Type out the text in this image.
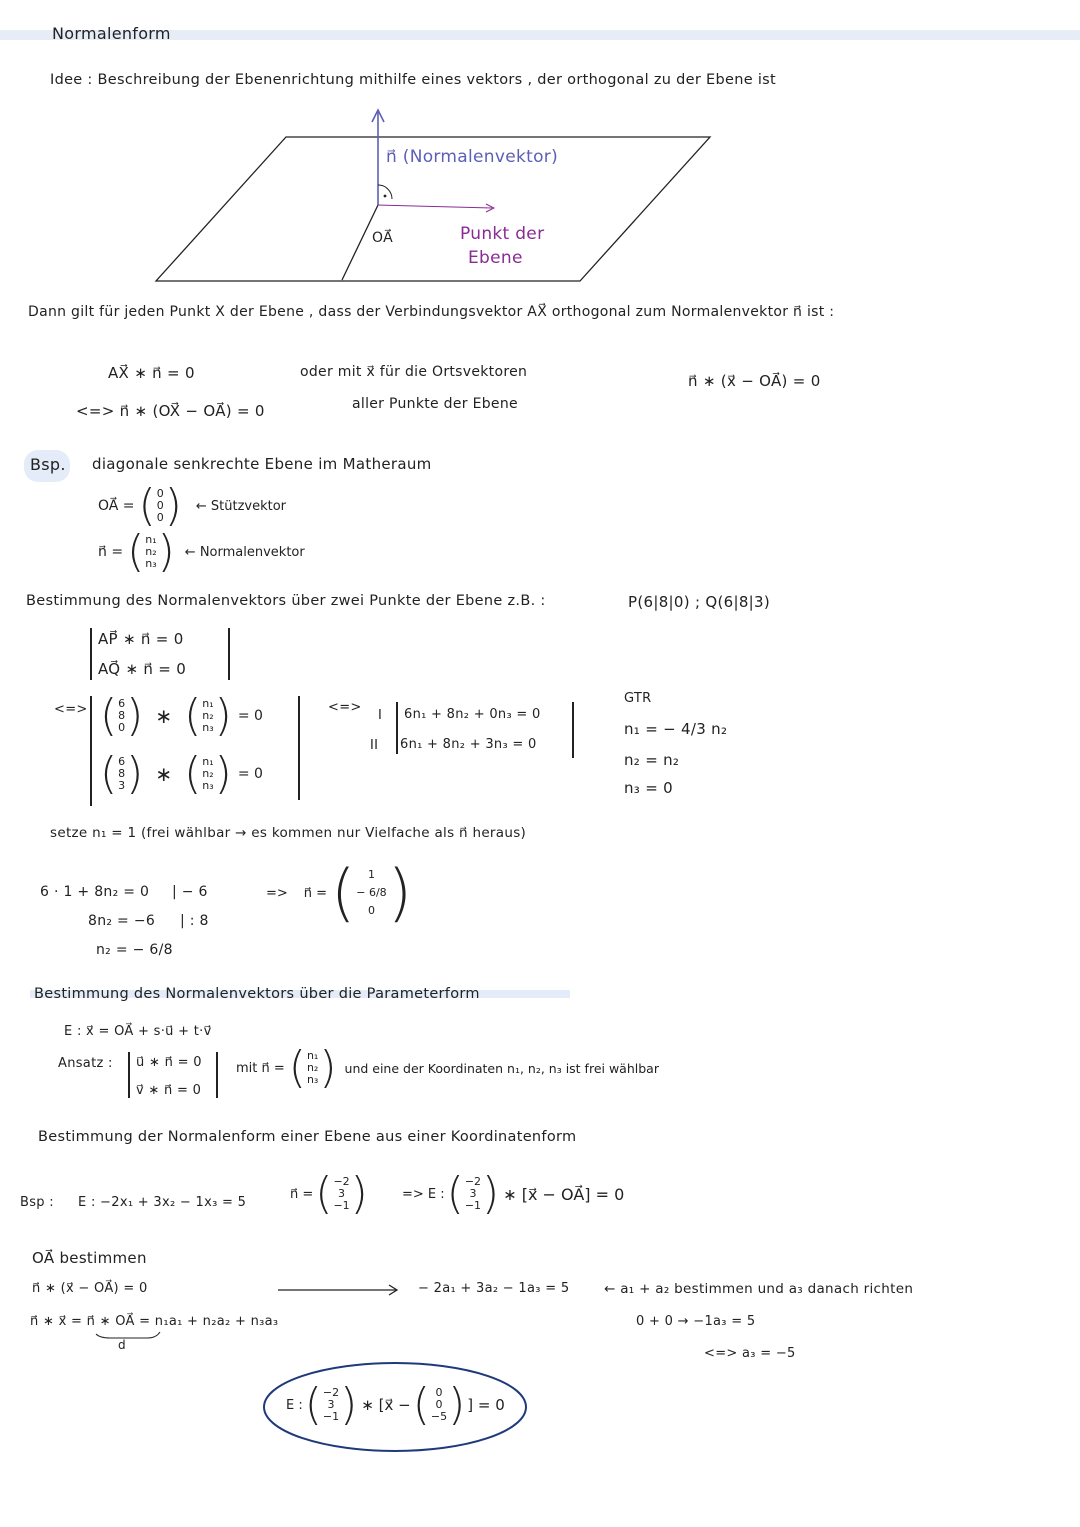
Normalenform
Idee : Beschreibung der Ebenenrichtung mithilfe eines vektors , der orthogonal zu der Ebene ist
n⃗ (Normalenvektor)
OA⃗	Punkt der
Ebene
Dann gilt für jeden Punkt X der Ebene , dass der Verbindungsvektor AX⃗ orthogonal zum Normalenvektor n⃗ ist :
AX⃗ ∗ n⃗ = 0
<=> n⃗ ∗ (OX⃗ − OA⃗) = 0
oder mit x⃗ für die Ortsvektoren
aller Punkte der Ebene
n⃗ ∗ (x⃗ − OA⃗) = 0
Bsp. diagonale senkrechte Ebene im Matheraum
OA⃗ = ( 0
0
0 ) ← Stützvektor
n⃗ = ( n₁
n₂
n₃ ) ← Normalenvektor
Bestimmung des Normalenvektors über zwei Punkte der Ebene z.B. :	P(6|8|0) ; Q(6|8|3)
AP⃗ ∗ n⃗ = 0
AQ⃗ ∗ n⃗ = 0
<=> ( 6
8
0 ) ∗ ( n₁
n₂
n₃ ) = 0
( 6
8
3 ) ∗ ( n₁
n₂
n₃ ) = 0
<=>
I
II
6n₁ + 8n₂ + 0n₃ = 0
6n₁ + 8n₂ + 3n₃ = 0
GTR
n₁ = − 4/3 n₂
n₂ = n₂
n₃ = 0
setze n₁ = 1 (frei wählbar → es kommen nur Vielfache als n⃗ heraus)
6 · 1 + 8n₂ = 0 | − 6
8n₂ = −6 | : 8
n₂ = − 6/8
=> n⃗ = ( 1
− 6/8
0 )
Bestimmung des Normalenvektors über die Parameterform
E : x⃗ = OA⃗ + s·u⃗ + t·v⃗
Ansatz : u⃗ ∗ n⃗ = 0
v⃗ ∗ n⃗ = 0
mit n⃗ = ( n₁
n₂
n₃ ) und eine der Koordinaten n₁, n₂, n₃ ist frei wählbar
Bestimmung der Normalenform einer Ebene aus einer Koordinatenform
Bsp : E : −2x₁ + 3x₂ − 1x₃ = 5
n⃗ = ( −2
3
−1 )	=> E : ( −2
3
−1 ) ∗ [x⃗ − OA⃗] = 0
OA⃗ bestimmen
n⃗ ∗ (x⃗ − OA⃗) = 0
n⃗ ∗ x⃗ = n⃗ ∗ OA⃗ = n₁a₁ + n₂a₂ + n₃a₃
d
− 2a₁ + 3a₂ − 1a₃ = 5	← a₁ + a₂ bestimmen und a₃ danach richten
0 + 0 → −1a₃ = 5
<=> a₃ = −5
E : ( −2
3
−1 ) ∗ [x⃗ − ( 0
0
−5 ) ] = 0
